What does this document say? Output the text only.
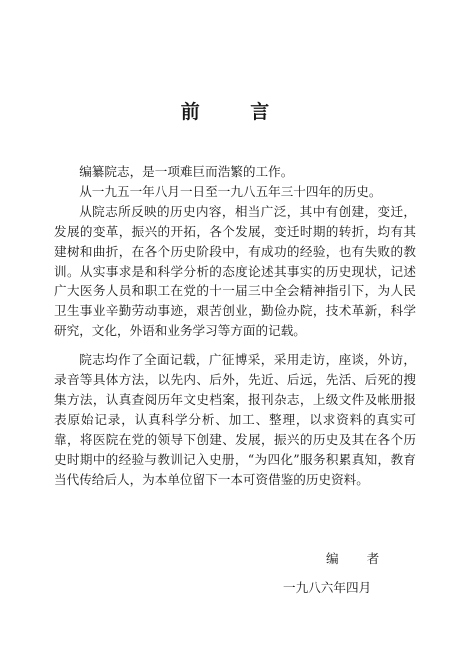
前 言

编纂院志，是一项难巨而浩繁的工作。

从一九五一年八月一日至一九八五年三十四年的历史。

从院志所反映的历史内容，相当广泛，其中有创建，变迁，发展的变革，振兴的开拓，各个发展，变迁时期的转折，均有其建树和曲折，在各个历史阶段中，有成功的经验，也有失败的教训。从实事求是和科学分析的态度论述其事实的历史现状，记述广大医务人员和职工在党的十一届三中全会精神指引下，为人民卫生事业辛勤劳动事迹，艰苦创业，勤俭办院，技术革新，科学研究，文化，外语和业务学习等方面的记载。

院志均作了全面记载，广征博采，采用走访，座谈，外访，录音等具体方法，以先内、后外，先近、后远，先活、后死的搜集方法，认真查阅历年文史档案，报刊杂志，上级文件及帐册报表原始记录，认真科学分析、加工、整理，以求资料的真实可靠，将医院在党的领导下创建、发展，振兴的历史及其在各个历史时期中的经验与教训记入史册，“为四化”服务积累真知，教育当代传给后人，为本单位留下一本可资借鉴的历史资料。

编 者
一九八六年四月
